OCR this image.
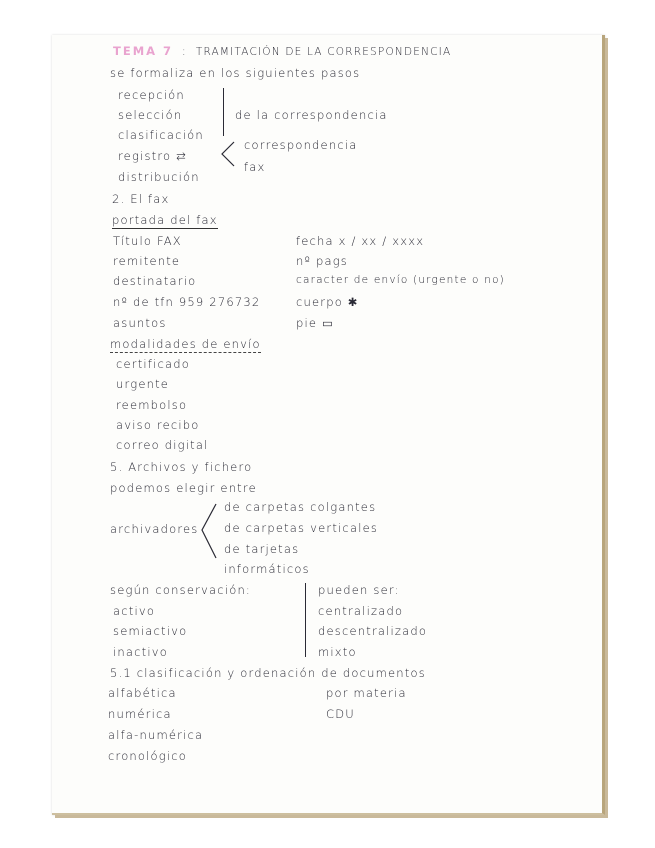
TEMA 7 : TRAMITACIÓN DE LA CORRESPONDENCIA
se formaliza en los siguientes pasos
recepción
selección
clasificación
registro ⇆
distribución
de la correspondencia
correspondencia
fax
2. El fax
portada del fax
Título FAX
remitente
destinatario
nº de tfn 959 276732
asuntos
fecha x / xx / xxxx
nº pags
caracter de envío (urgente o no)
cuerpo ✱
pie ▭
modalidades de envío
certificado
urgente
reembolso
aviso recibo
correo digital
5. Archivos y fichero
podemos elegir entre
archivadores
de carpetas colgantes
de carpetas verticales
de tarjetas
informáticos
según conservación:
activo
semiactivo
inactivo
pueden ser:
centralizado
descentralizado
mixto
5.1 clasificación y ordenación de documentos
alfabética
numérica
alfa-numérica
cronológico
por materia
CDU
